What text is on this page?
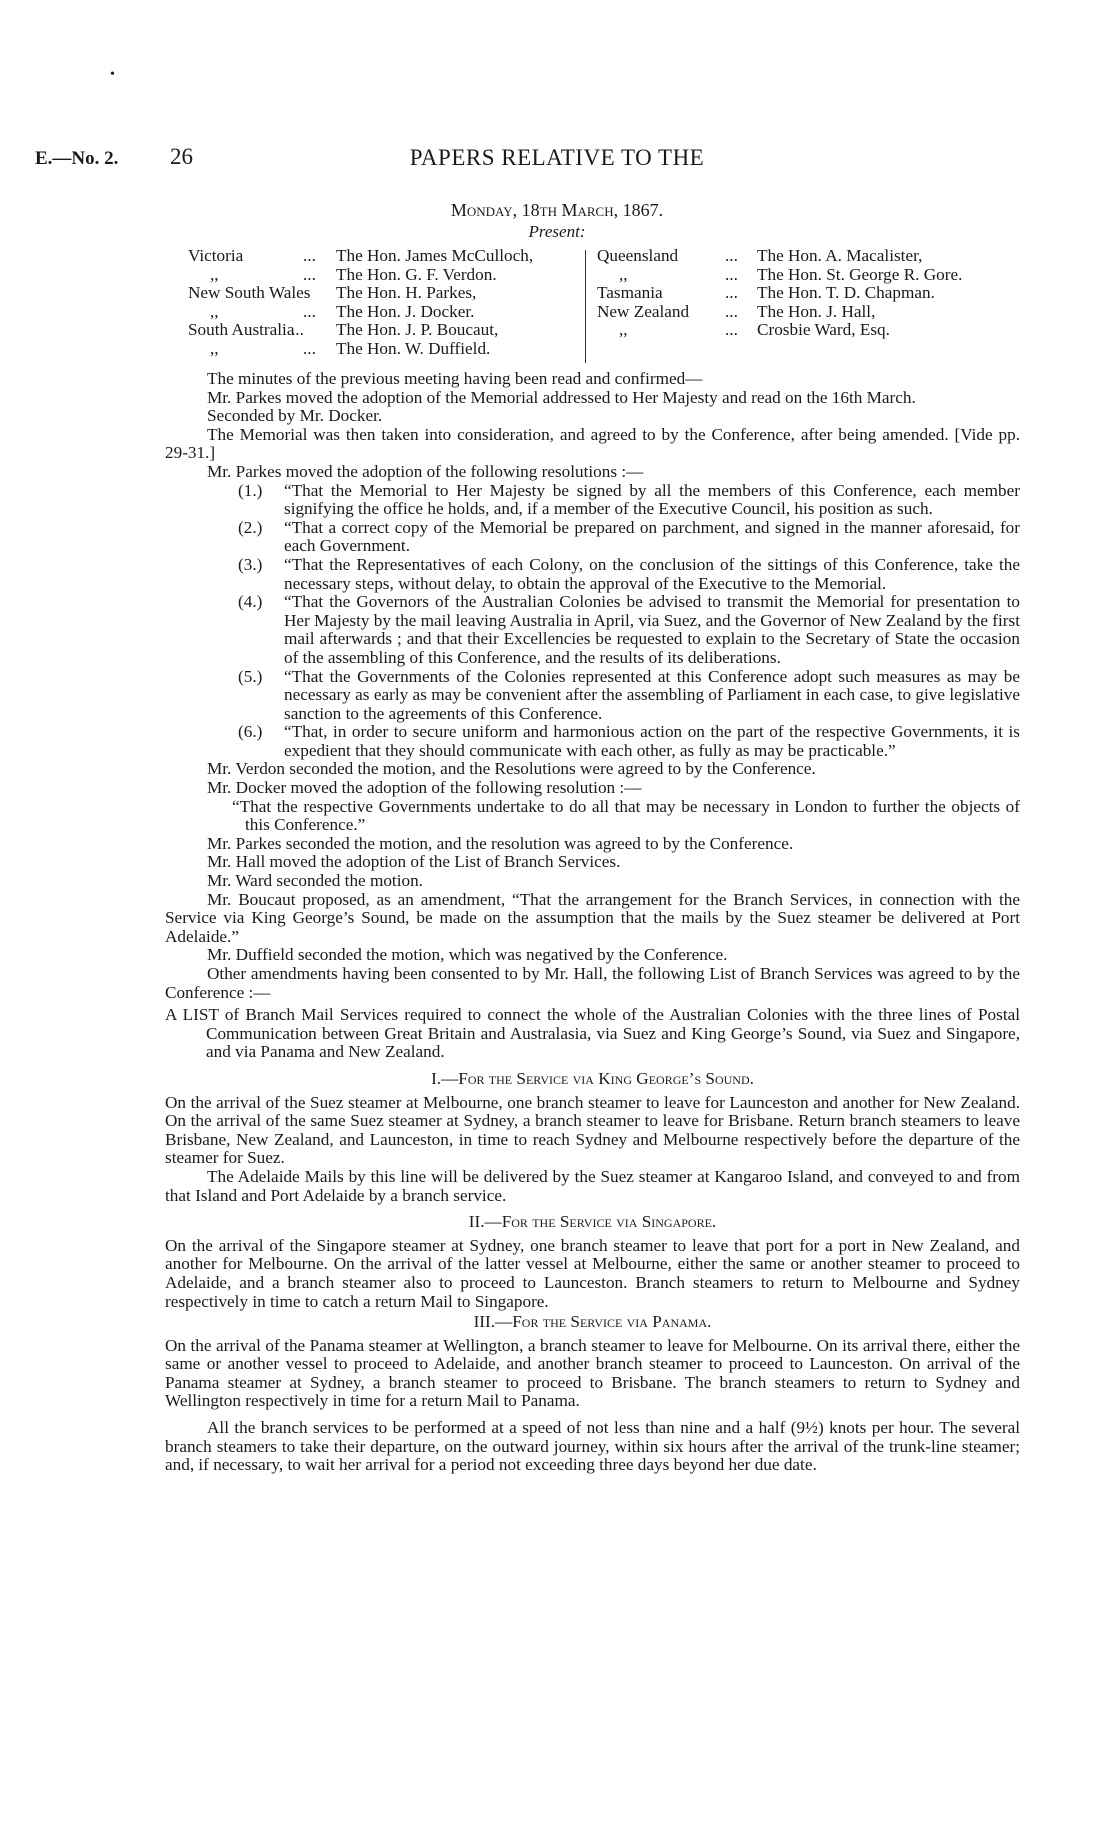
•
E.—No. 2. 26	PAPERS RELATIVE TO THE
Monday, 18th March, 1867.
Present:
Victoria
,,
New South Wales
,,
South Australia
,,
...
...
...
...
...
The Hon. James McCulloch,
The Hon. G. F. Verdon.
The Hon. H. Parkes,
The Hon. J. Docker.
The Hon. J. P. Boucaut,
The Hon. W. Duffield.
Queensland
,,
Tasmania
New Zealand
,,
...
...
...
...
...
The Hon. A. Macalister,
The Hon. St. George R. Gore.
The Hon. T. D. Chapman.
The Hon. J. Hall,
Crosbie Ward, Esq.

The minutes of the previous meeting having been read and confirmed—

Mr. Parkes moved the adoption of the Memorial addressed to Her Majesty and read on the 16th March.

Seconded by Mr. Docker.

The Memorial was then taken into consideration, and agreed to by the Conference, after being amended. [Vide pp. 29-31.]

Mr. Parkes moved the adoption of the following resolutions :—

(1.) “That the Memorial to Her Majesty be signed by all the members of this Conference, each member signifying the office he holds, and, if a member of the Executive Council, his position as such.

(2.) “That a correct copy of the Memorial be prepared on parchment, and signed in the manner aforesaid, for each Government.

(3.) “That the Representatives of each Colony, on the conclusion of the sittings of this Conference, take the necessary steps, without delay, to obtain the approval of the Executive to the Memorial.

(4.) “That the Governors of the Australian Colonies be advised to transmit the Memorial for presentation to Her Majesty by the mail leaving Australia in April, via Suez, and the Governor of New Zealand by the first mail afterwards ; and that their Excellencies be requested to explain to the Secretary of State the occasion of the assembling of this Conference, and the results of its deliberations.

(5.) “That the Governments of the Colonies represented at this Conference adopt such measures as may be necessary as early as may be convenient after the assembling of Parliament in each case, to give legislative sanction to the agreements of this Conference.

(6.) “That, in order to secure uniform and harmonious action on the part of the respective Governments, it is expedient that they should communicate with each other, as fully as may be practicable.”

Mr. Verdon seconded the motion, and the Resolutions were agreed to by the Conference.

Mr. Docker moved the adoption of the following resolution :—

“That the respective Governments undertake to do all that may be necessary in London to further the objects of this Conference.”

Mr. Parkes seconded the motion, and the resolution was agreed to by the Conference.

Mr. Hall moved the adoption of the List of Branch Services.

Mr. Ward seconded the motion.

Mr. Boucaut proposed, as an amendment, “That the arrangement for the Branch Services, in connection with the Service via King George’s Sound, be made on the assumption that the mails by the Suez steamer be delivered at Port Adelaide.”

Mr. Duffield seconded the motion, which was negatived by the Conference.

Other amendments having been consented to by Mr. Hall, the following List of Branch Services was agreed to by the Conference :—

A LIST of Branch Mail Services required to connect the whole of the Australian Colonies with the three lines of Postal Communication between Great Britain and Australasia, via Suez and King George’s Sound, via Suez and Singapore, and via Panama and New Zealand.

I.—For the Service via King George’s Sound.

On the arrival of the Suez steamer at Melbourne, one branch steamer to leave for Launceston and another for New Zealand. On the arrival of the same Suez steamer at Sydney, a branch steamer to leave for Brisbane. Return branch steamers to leave Brisbane, New Zealand, and Launceston, in time to reach Sydney and Melbourne respectively before the departure of the steamer for Suez.

The Adelaide Mails by this line will be delivered by the Suez steamer at Kangaroo Island, and conveyed to and from that Island and Port Adelaide by a branch service.

II.—For the Service via Singapore.

On the arrival of the Singapore steamer at Sydney, one branch steamer to leave that port for a port in New Zealand, and another for Melbourne. On the arrival of the latter vessel at Melbourne, either the same or another steamer to proceed to Adelaide, and a branch steamer also to proceed to Launceston. Branch steamers to return to Melbourne and Sydney respectively in time to catch a return Mail to Singapore.

III.—For the Service via Panama.

On the arrival of the Panama steamer at Wellington, a branch steamer to leave for Melbourne. On its arrival there, either the same or another vessel to proceed to Adelaide, and another branch steamer to proceed to Launceston. On arrival of the Panama steamer at Sydney, a branch steamer to proceed to Brisbane. The branch steamers to return to Sydney and Wellington respectively in time for a return Mail to Panama.

All the branch services to be performed at a speed of not less than nine and a half (9½) knots per hour. The several branch steamers to take their departure, on the outward journey, within six hours after the arrival of the trunk-line steamer; and, if necessary, to wait her arrival for a period not exceeding three days beyond her due date.
